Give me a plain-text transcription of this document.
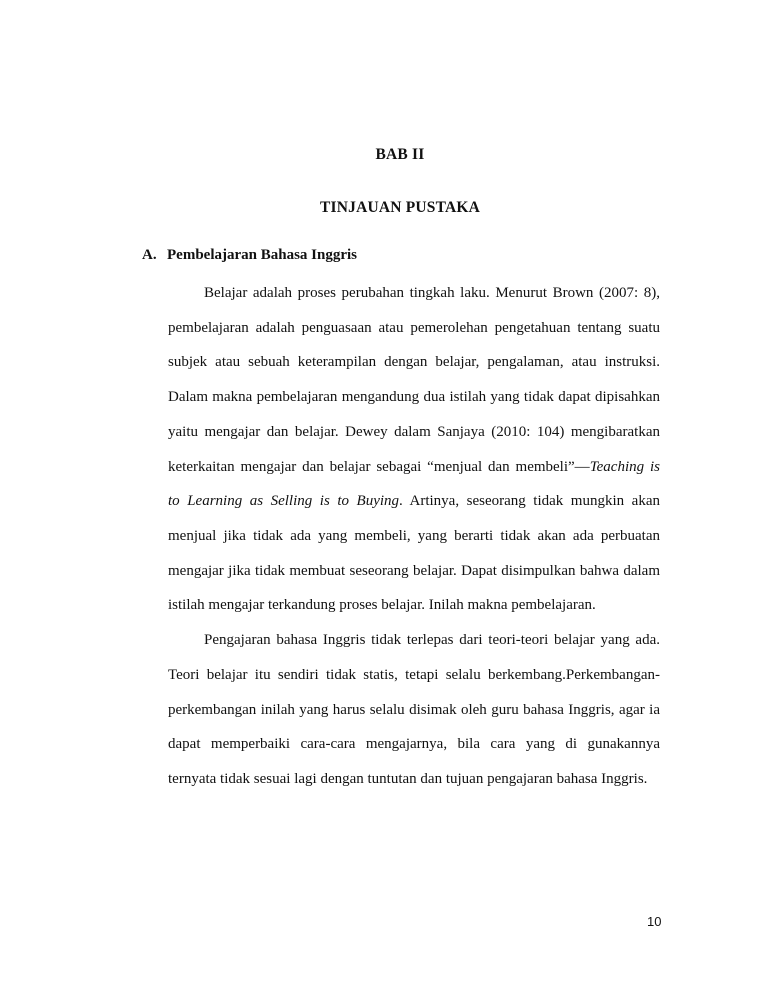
BAB II
TINJAUAN PUSTAKA
A. Pembelajaran Bahasa Inggris
Belajar adalah proses perubahan tingkah laku. Menurut Brown (2007: 8),
pembelajaran adalah penguasaan atau pemerolehan pengetahuan tentang suatu
subjek atau sebuah keterampilan dengan belajar, pengalaman, atau instruksi.
Dalam makna pembelajaran mengandung dua istilah yang tidak dapat dipisahkan
yaitu mengajar dan belajar. Dewey dalam Sanjaya (2010: 104) mengibaratkan
keterkaitan mengajar dan belajar sebagai “menjual dan membeli”—Teaching is
to Learning as Selling is to Buying. Artinya, seseorang tidak mungkin akan
menjual jika tidak ada yang membeli, yang berarti tidak akan ada perbuatan
mengajar jika tidak membuat seseorang belajar. Dapat disimpulkan bahwa dalam
istilah mengajar terkandung proses belajar. Inilah makna pembelajaran.
Pengajaran bahasa Inggris tidak terlepas dari teori-teori belajar yang ada.
Teori belajar itu sendiri tidak statis, tetapi selalu berkembang.Perkembangan-
perkembangan inilah yang harus selalu disimak oleh guru bahasa Inggris, agar ia
dapat memperbaiki cara-cara mengajarnya, bila cara yang di gunakannya
ternyata tidak sesuai lagi dengan tuntutan dan tujuan pengajaran bahasa Inggris.
10
